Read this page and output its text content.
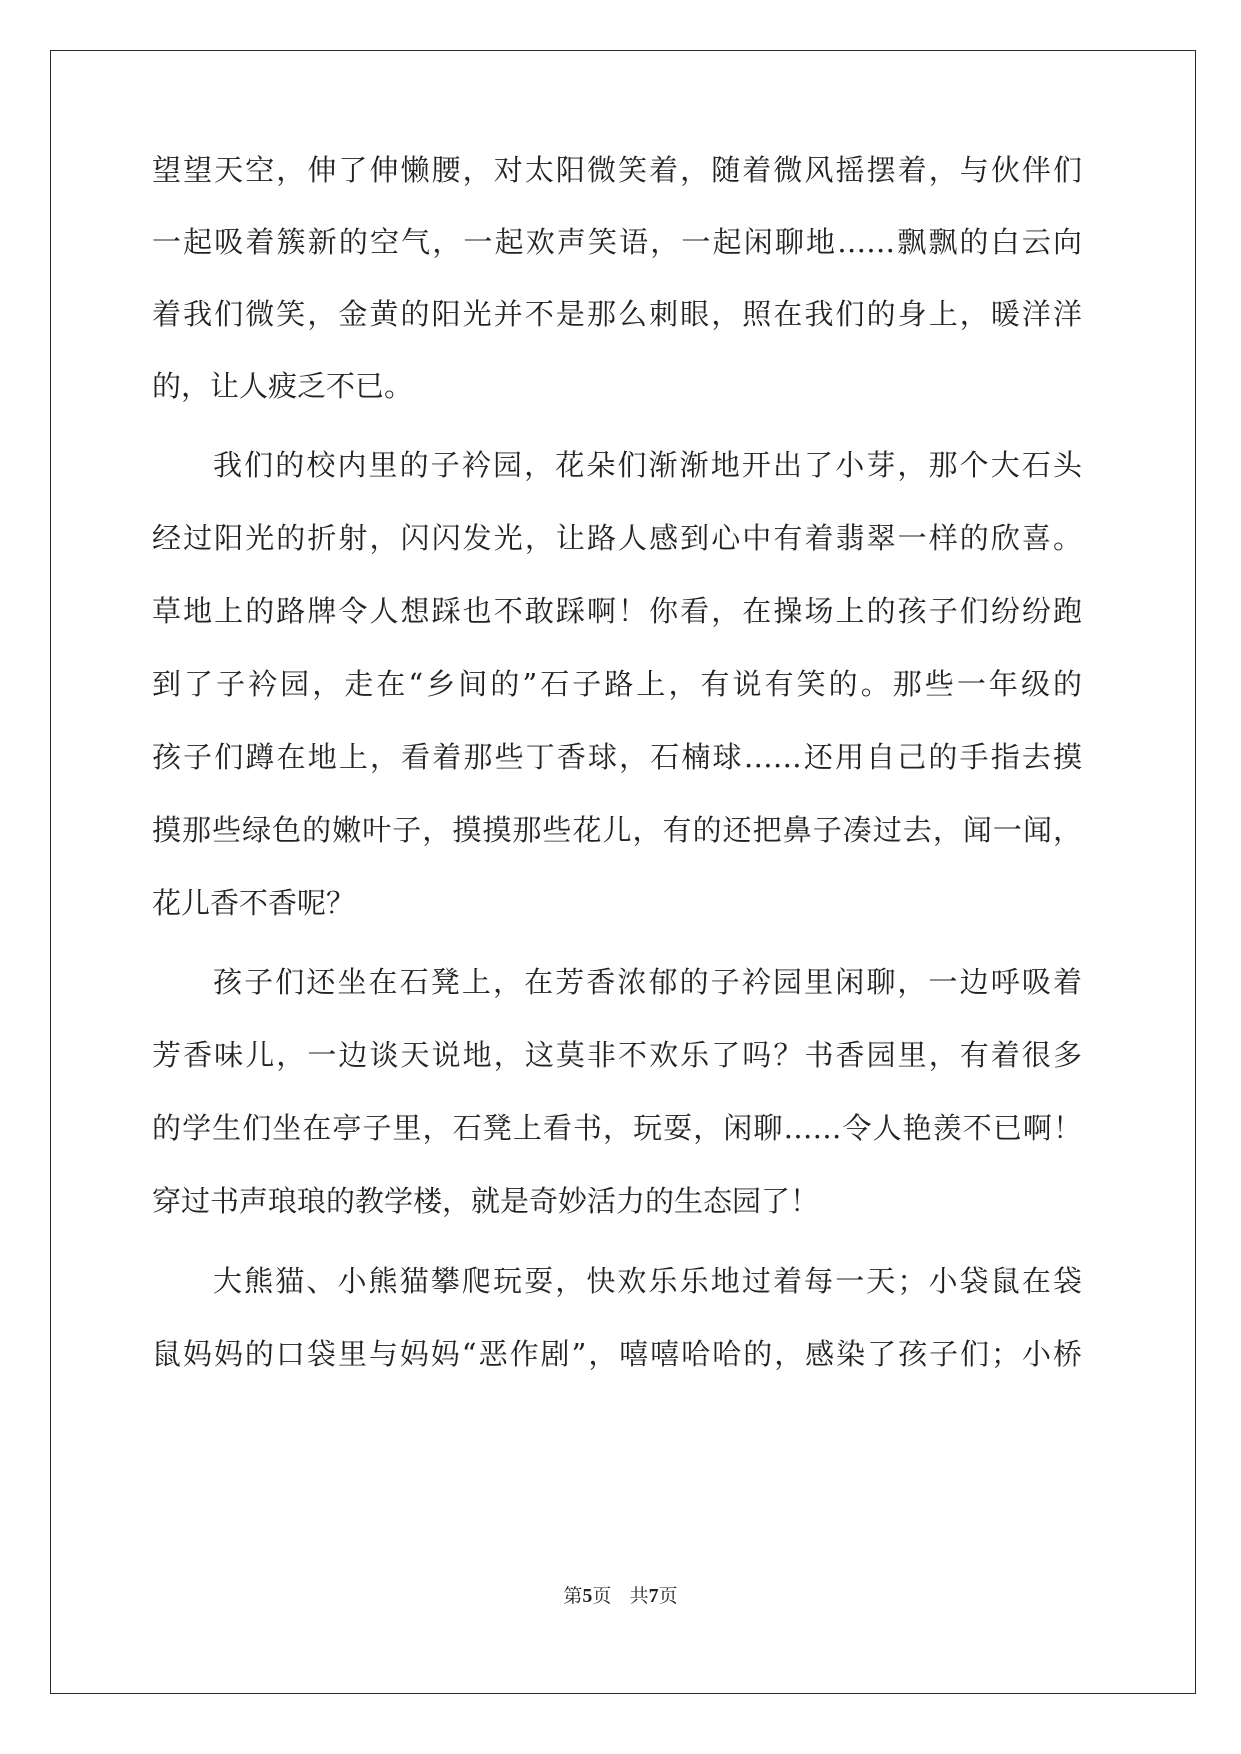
望望天空，伸了伸懒腰，对太阳微笑着，随着微风摇摆着，与伙伴们
一起吸着簇新的空气，一起欢声笑语，一起闲聊地……飘飘的白云向
着我们微笑，金黄的阳光并不是那么刺眼，照在我们的身上，暖洋洋
的，让人疲乏不已。
我们的校内里的子衿园，花朵们渐渐地开出了小芽，那个大石头
经过阳光的折射，闪闪发光，让路人感到心中有着翡翠一样的欣喜。
草地上的路牌令人想踩也不敢踩啊！你看，在操场上的孩子们纷纷跑
到了子衿园，走在“乡间的”石子路上，有说有笑的。那些一年级的
孩子们蹲在地上，看着那些丁香球，石楠球……还用自己的手指去摸
摸那些绿色的嫩叶子，摸摸那些花儿，有的还把鼻子凑过去，闻一闻，
花儿香不香呢？
孩子们还坐在石凳上，在芳香浓郁的子衿园里闲聊，一边呼吸着
芳香味儿，一边谈天说地，这莫非不欢乐了吗？书香园里，有着很多
的学生们坐在亭子里，石凳上看书，玩耍，闲聊……令人艳羡不已啊！
穿过书声琅琅的教学楼，就是奇妙活力的生态园了！
大熊猫、小熊猫攀爬玩耍，快欢乐乐地过着每一天；小袋鼠在袋
鼠妈妈的口袋里与妈妈“恶作剧”，嘻嘻哈哈的，感染了孩子们；小桥
第5页 共7页
